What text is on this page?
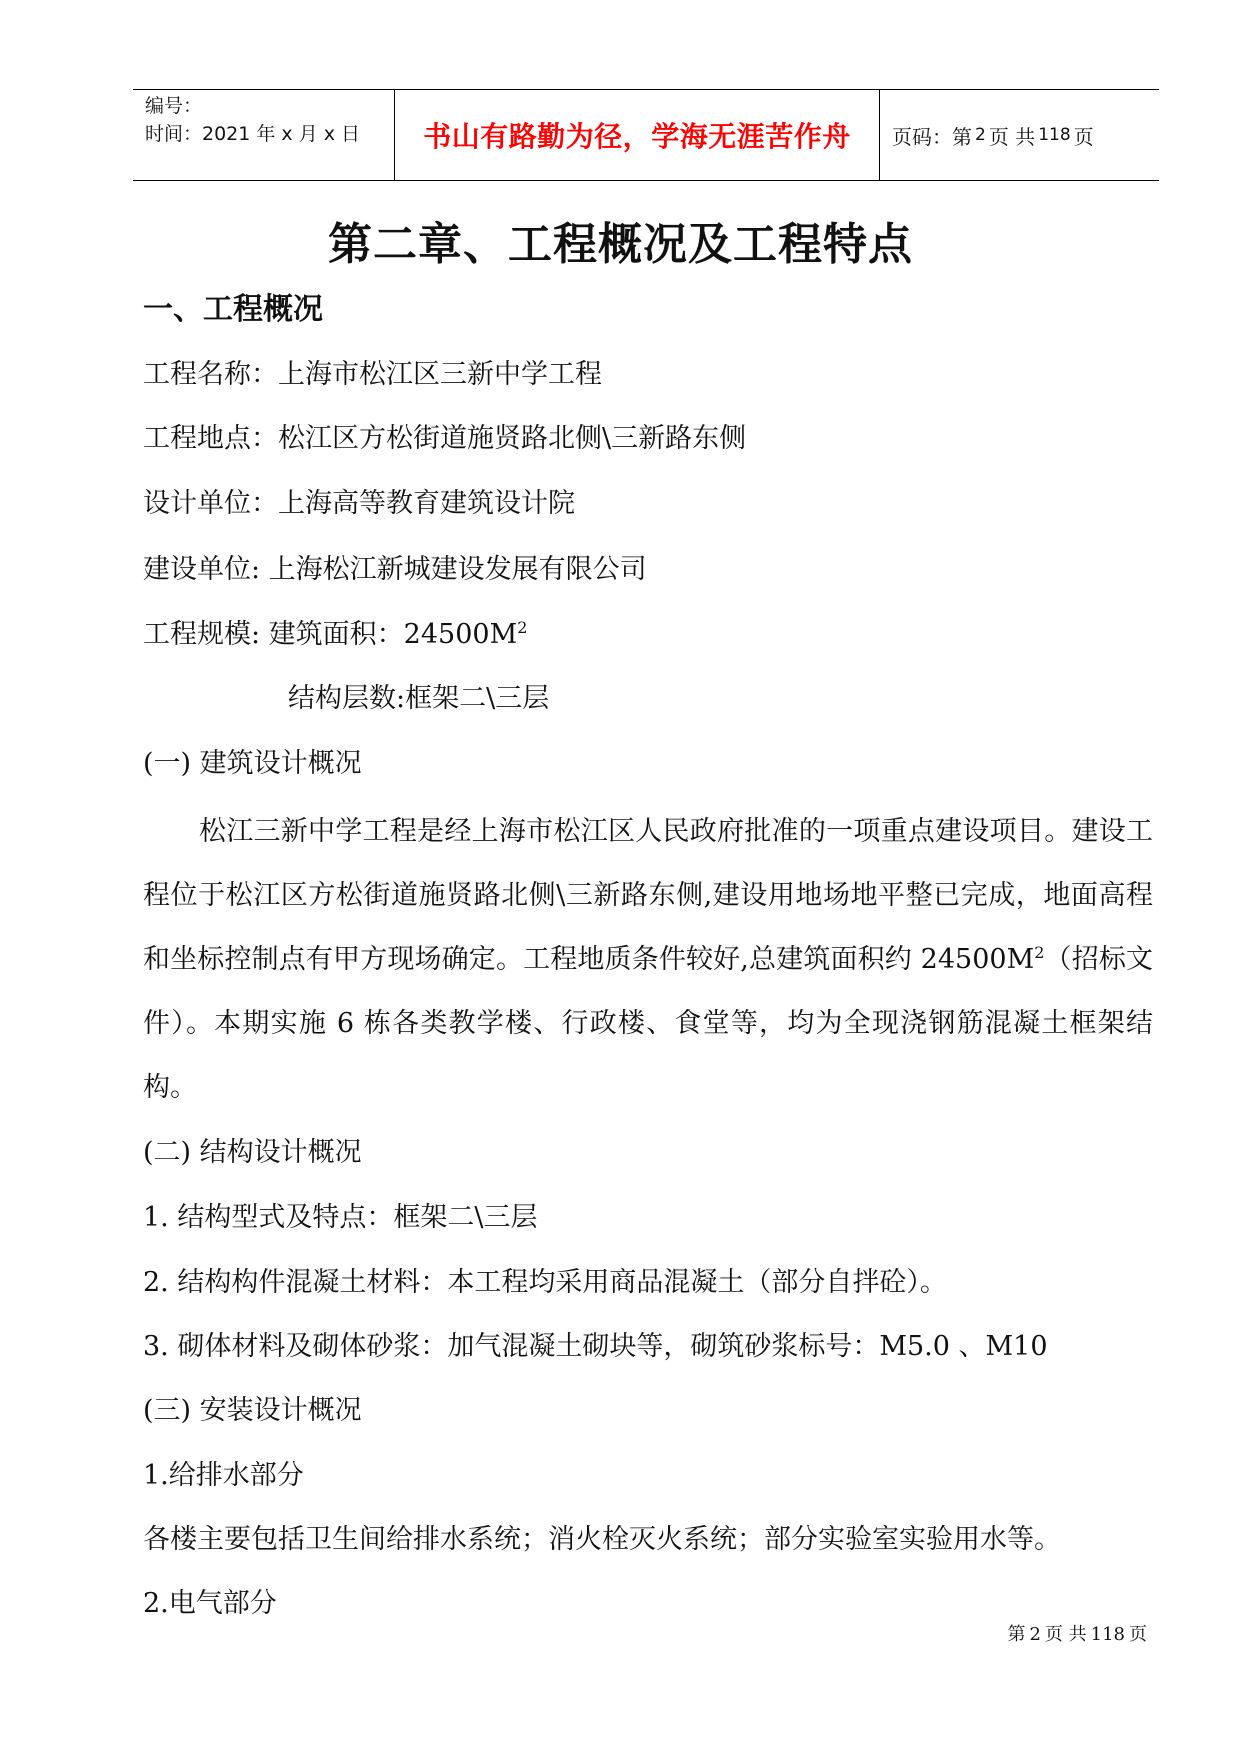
编号：
时间：2021 年 x 月 x 日	书山有路勤为径，学海无涯苦作舟 页码：第 2 页 共 118 页
第二章、工程概况及工程特点
一、工程概况
工程名称：上海市松江区三新中学工程
工程地点：松江区方松街道施贤路北侧\三新路东侧
设计单位：上海高等教育建筑设计院
建设单位: 上海松江新城建设发展有限公司
工程规模: 建筑面积：$24500M^2$
结构层数:框架二\三层
(一) 建筑设计概况
松江三新中学工程是经上海市松江区人民政府批准的一项重点建设项目。建设工程位于松江区方松街道施贤路北侧\三新路东侧,建设用地场地平整已完成，地面高程和坐标控制点有甲方现场确定。工程地质条件较好,总建筑面积约 $24500M^2$（招标文件）。本期实施 6 栋各类教学楼、行政楼、食堂等，均为全现浇钢筋混凝土框架结构。
(二) 结构设计概况
1. 结构型式及特点：框架二\三层
2. 结构构件混凝土材料：本工程均采用商品混凝土（部分自拌砼）。
3. 砌体材料及砌体砂浆：加气混凝土砌块等，砌筑砂浆标号：M5.0 、M10
(三) 安装设计概况
1.给排水部分
各楼主要包括卫生间给排水系统；消火栓灭火系统；部分实验室实验用水等。
2.电气部分
第 2 页 共 118 页
